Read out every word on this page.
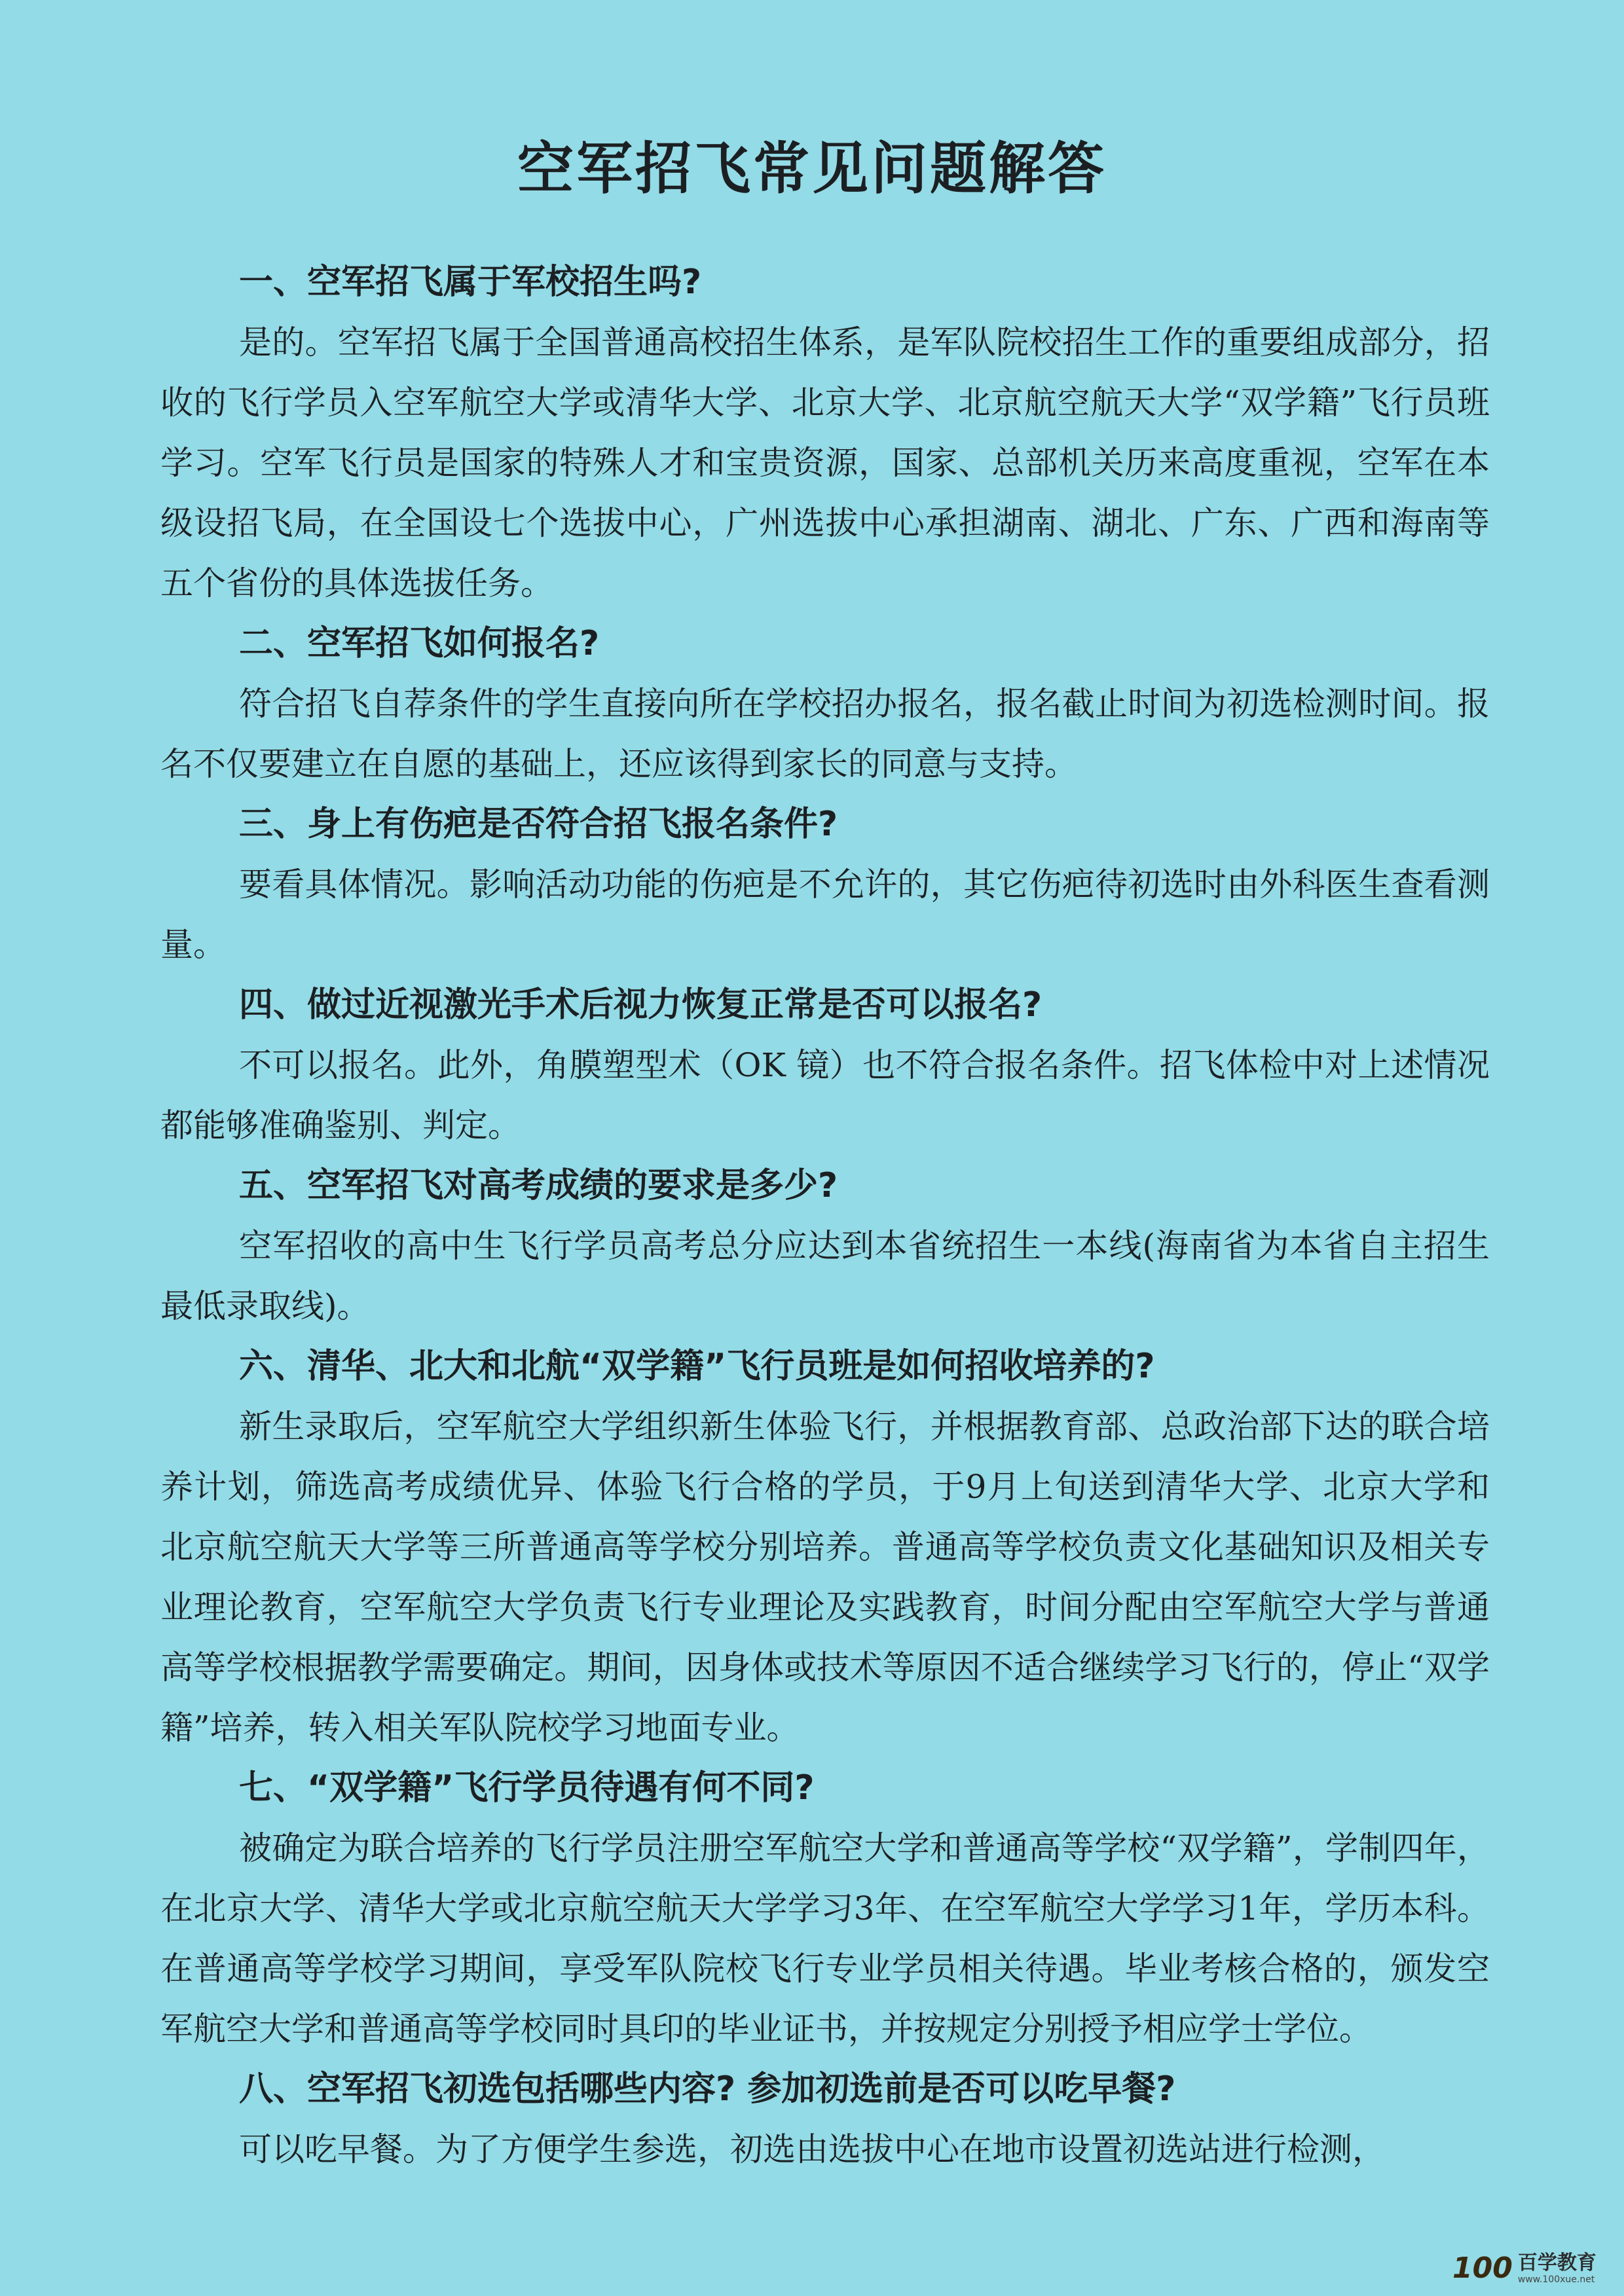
空军招飞常见问题解答

一、空军招飞属于军校招生吗?

是的。空军招飞属于全国普通高校招生体系，是军队院校招生工作的重要组成部分，招收的飞行学员入空军航空大学或清华大学、北京大学、北京航空航天大学“双学籍”飞行员班学习。空军飞行员是国家的特殊人才和宝贵资源，国家、总部机关历来高度重视，空军在本级设招飞局，在全国设七个选拔中心，广州选拔中心承担湖南、湖北、广东、广西和海南等五个省份的具体选拔任务。

二、空军招飞如何报名?

符合招飞自荐条件的学生直接向所在学校招办报名，报名截止时间为初选检测时间。报名不仅要建立在自愿的基础上，还应该得到家长的同意与支持。

三、身上有伤疤是否符合招飞报名条件?

要看具体情况。影响活动功能的伤疤是不允许的，其它伤疤待初选时由外科医生查看测量。

四、做过近视激光手术后视力恢复正常是否可以报名?

不可以报名。此外，角膜塑型术（OK 镜）也不符合报名条件。招飞体检中对上述情况都能够准确鉴别、判定。

五、空军招飞对高考成绩的要求是多少?

空军招收的高中生飞行学员高考总分应达到本省统招生一本线(海南省为本省自主招生最低录取线)。

六、清华、北大和北航“双学籍”飞行员班是如何招收培养的?

新生录取后，空军航空大学组织新生体验飞行，并根据教育部、总政治部下达的联合培养计划，筛选高考成绩优异、体验飞行合格的学员，于9月上旬送到清华大学、北京大学和北京航空航天大学等三所普通高等学校分别培养。普通高等学校负责文化基础知识及相关专业理论教育，空军航空大学负责飞行专业理论及实践教育，时间分配由空军航空大学与普通高等学校根据教学需要确定。期间，因身体或技术等原因不适合继续学习飞行的，停止“双学籍”培养，转入相关军队院校学习地面专业。

七、“双学籍”飞行学员待遇有何不同?

被确定为联合培养的飞行学员注册空军航空大学和普通高等学校“双学籍”，学制四年，在北京大学、清华大学或北京航空航天大学学习3年、在空军航空大学学习1年，学历本科。在普通高等学校学习期间，享受军队院校飞行专业学员相关待遇。毕业考核合格的，颁发空军航空大学和普通高等学校同时具印的毕业证书，并按规定分别授予相应学士学位。

八、空军招飞初选包括哪些内容? 参加初选前是否可以吃早餐?

可以吃早餐。为了方便学生参选，初选由选拔中心在地市设置初选站进行检测，

100 百学教育
www.100xue.net
